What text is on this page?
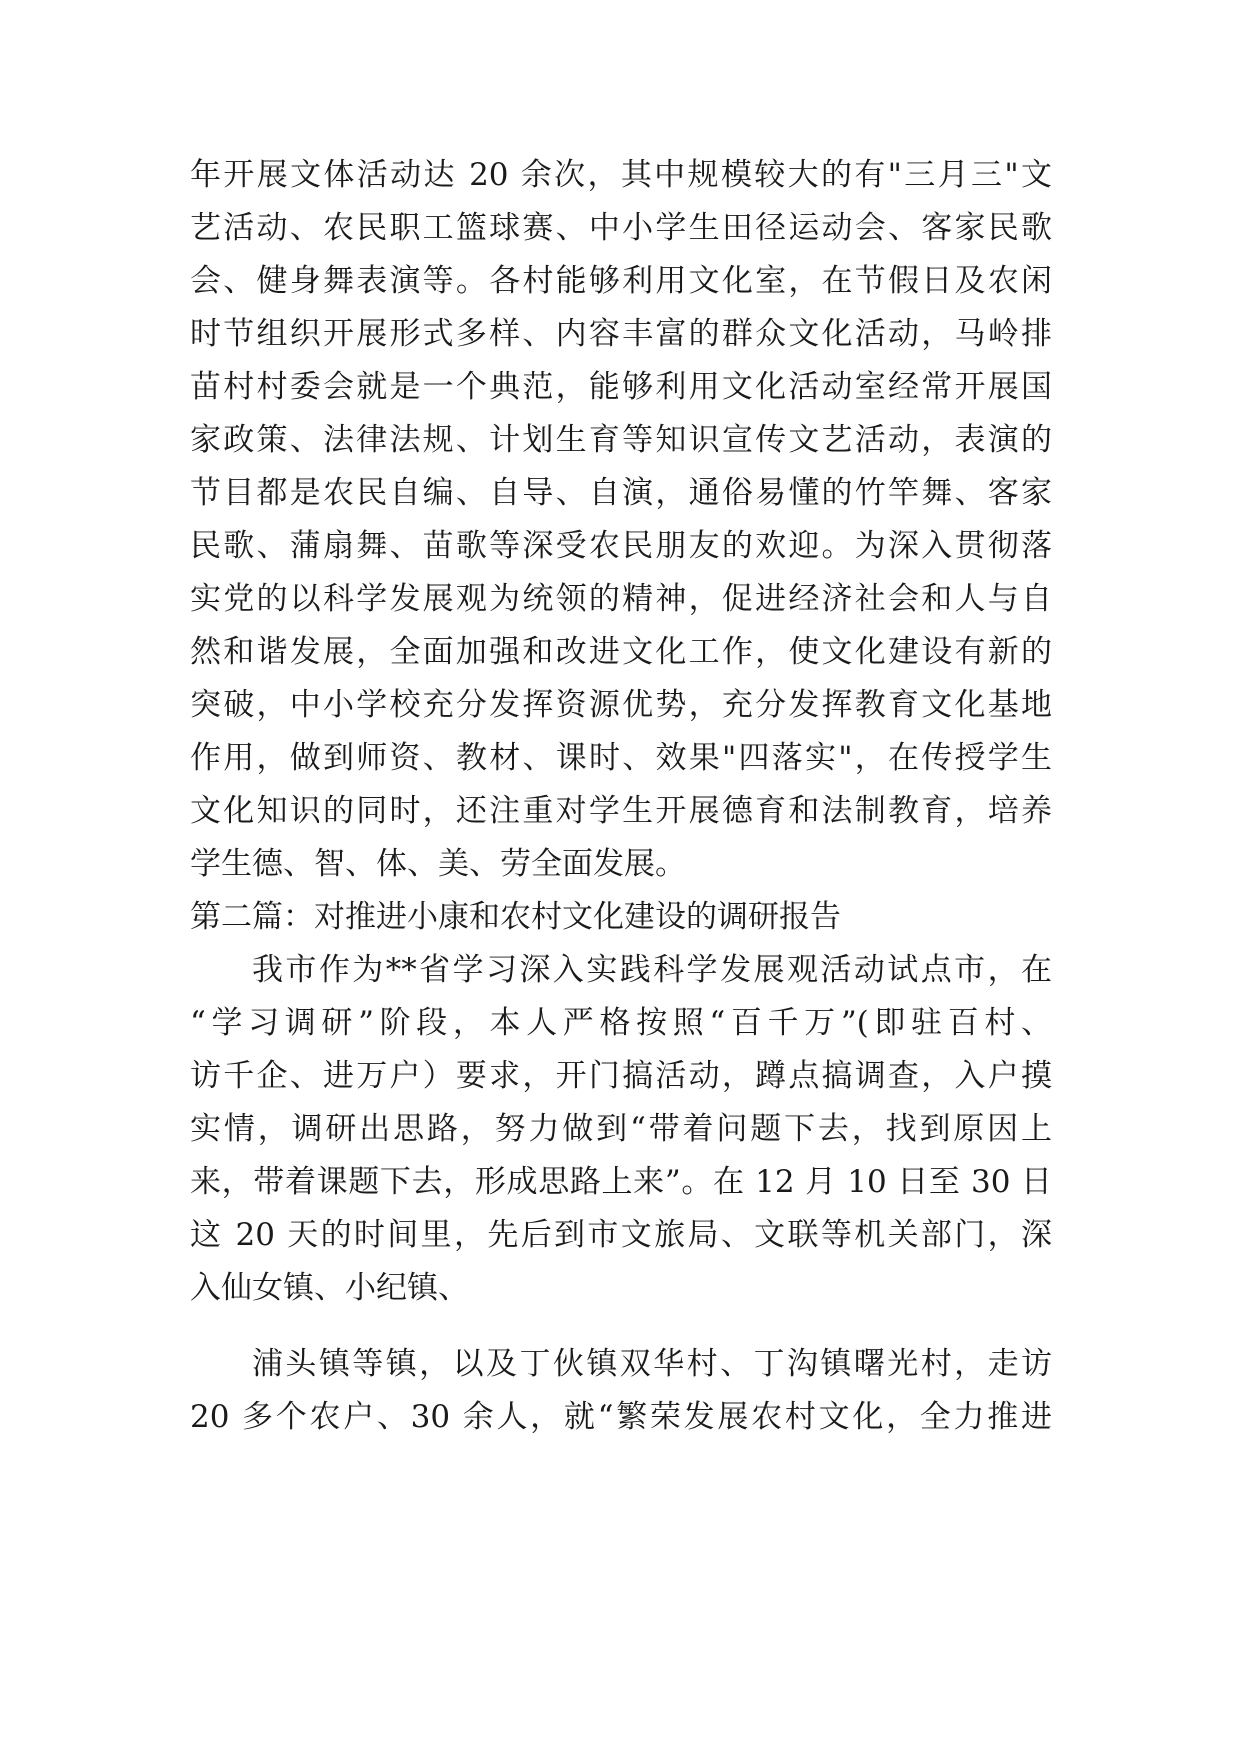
年开展文体活动达 20 余次，其中规模较大的有"三月三"文
艺活动、农民职工篮球赛、中小学生田径运动会、客家民歌
会、健身舞表演等。各村能够利用文化室，在节假日及农闲
时节组织开展形式多样、内容丰富的群众文化活动，马岭排
苗村村委会就是一个典范，能够利用文化活动室经常开展国
家政策、法律法规、计划生育等知识宣传文艺活动，表演的
节目都是农民自编、自导、自演，通俗易懂的竹竿舞、客家
民歌、蒲扇舞、苗歌等深受农民朋友的欢迎。为深入贯彻落
实党的以科学发展观为统领的精神，促进经济社会和人与自
然和谐发展，全面加强和改进文化工作，使文化建设有新的
突破，中小学校充分发挥资源优势，充分发挥教育文化基地
作用，做到师资、教材、课时、效果"四落实"，在传授学生
文化知识的同时，还注重对学生开展德育和法制教育，培养
学生德、智、体、美、劳全面发展。
第二篇：对推进小康和农村文化建设的调研报告
我市作为**省学习深入实践科学发展观活动试点市，在
“学习调研”阶段，本人严格按照“百千万”(即驻百村、
访千企、进万户）要求，开门搞活动，蹲点搞调查，入户摸
实情，调研出思路，努力做到“带着问题下去，找到原因上
来，带着课题下去，形成思路上来”。在 12 月 10 日至 30 日
这 20 天的时间里，先后到市文旅局、文联等机关部门，深
入仙女镇、小纪镇、
浦头镇等镇，以及丁伙镇双华村、丁沟镇曙光村，走访
20 多个农户、30 余人，就“繁荣发展农村文化，全力推进
